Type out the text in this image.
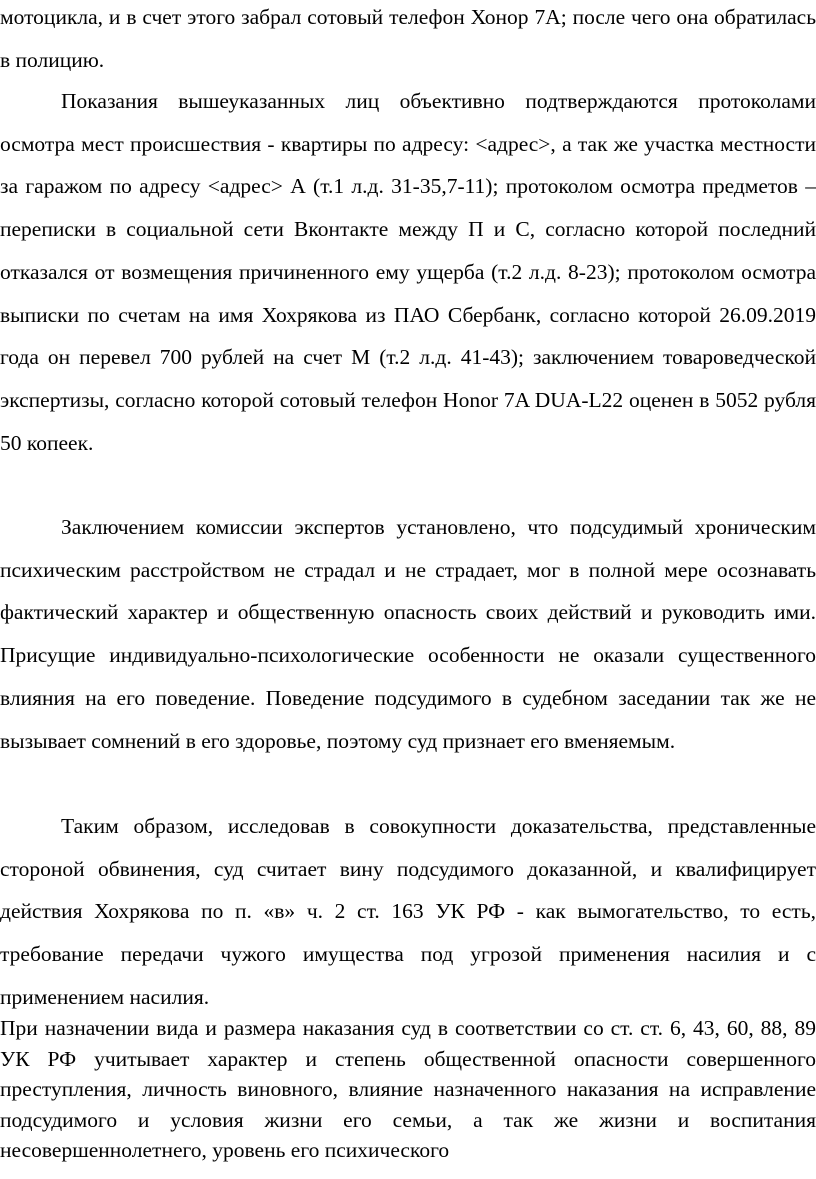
мотоцикла, и в счет этого забрал сотовый телефон Хонор 7А; после чего она обратилась в полицию.

Показания вышеуказанных лиц объективно подтверждаются протоколами осмотра мест происшествия - квартиры по адресу: <адрес>, а так же участка местности за гаражом по адресу <адрес> А (т.1 л.д. 31-35,7-11); протоколом осмотра предметов – переписки в социальной сети Вконтакте между П и С, согласно которой последний отказался от возмещения причиненного ему ущерба (т.2 л.д. 8-23); протоколом осмотра выписки по счетам на имя Хохрякова из ПАО Сбербанк, согласно которой 26.09.2019 года он перевел 700 рублей на счет М (т.2 л.д. 41-43); заключением товароведческой экспертизы, согласно которой сотовый телефон Honor 7A DUA-L22 оценен в 5052 рубля 50 копеек.

Заключением комиссии экспертов установлено, что подсудимый хроническим психическим расстройством не страдал и не страдает, мог в полной мере осознавать фактический характер и общественную опасность своих действий и руководить ими. Присущие индивидуально-психологические особенности не оказали существенного влияния на его поведение. Поведение подсудимого в судебном заседании так же не вызывает сомнений в его здоровье, поэтому суд признает его вменяемым.

Таким образом, исследовав в совокупности доказательства, представленные стороной обвинения, суд считает вину подсудимого доказанной, и квалифицирует действия Хохрякова по п. «в» ч. 2 ст. 163 УК РФ - как вымогательство, то есть, требование передачи чужого имущества под угрозой применения насилия и с применением насилия.

При назначении вида и размера наказания суд в соответствии со ст. ст. 6, 43, 60, 88, 89 УК РФ учитывает характер и степень общественной опасности совершенного преступления, личность виновного, влияние назначенного наказания на исправление подсудимого и условия жизни его семьи, а так же жизни и воспитания несовершеннолетнего, уровень его психического
